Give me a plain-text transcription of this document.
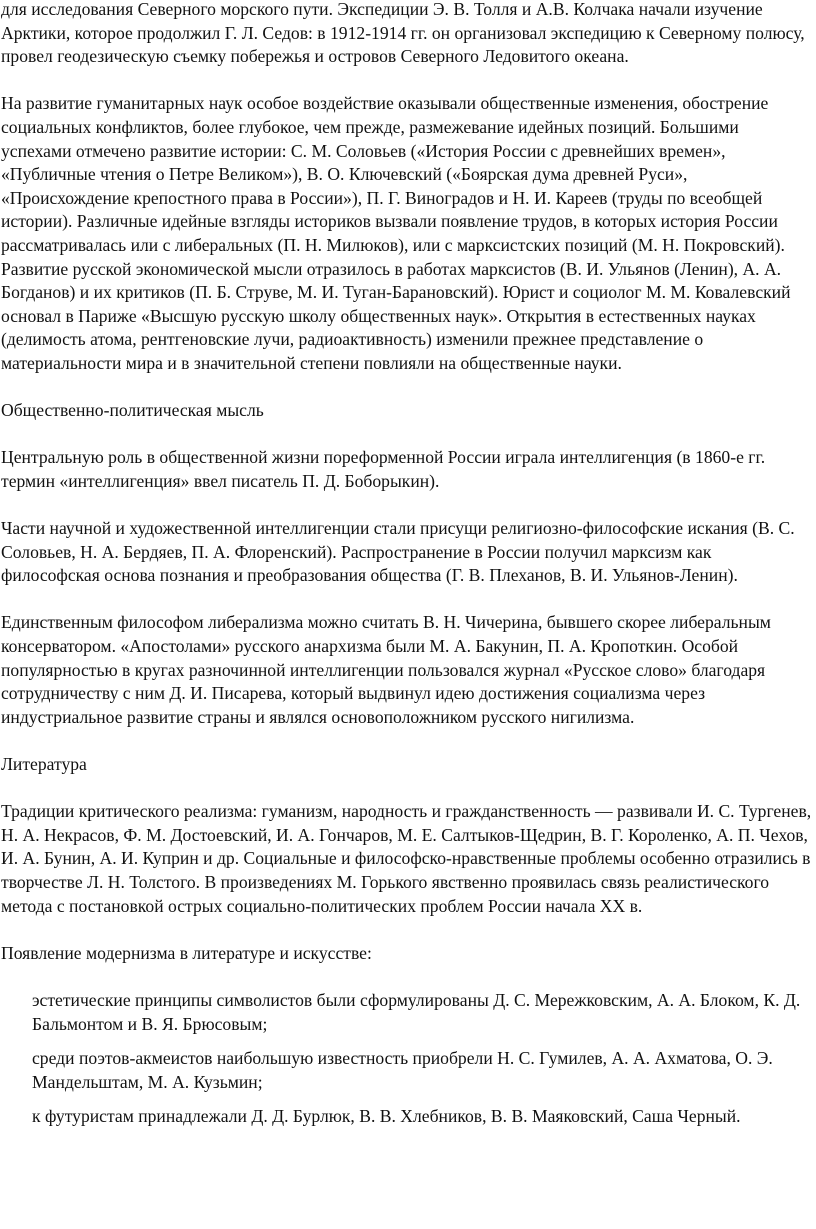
для исследования Северного морского пути. Экспедиции Э. В. Толля и А.В. Колчака начали изучение Арктики, которое продолжил Г. Л. Седов: в 1912-1914 гг. он организовал экспедицию к Северному полюсу, провел геодезическую съемку побережья и островов Северного Ледовитого океана.

На развитие гуманитарных наук особое воздействие оказывали общественные изменения, обострение социальных конфликтов, более глубокое, чем прежде, размежевание идейных позиций. Большими успехами отмечено развитие истории: С. М. Соловьев («История России с древнейших времен», «Публичные чтения о Петре Великом»), В. О. Ключевский («Боярская дума древней Руси», «Происхождение крепостного права в России»), П. Г. Виноградов и Н. И. Кареев (труды по всеобщей истории). Различные идейные взгляды историков вызвали появление трудов, в которых история России рассматривалась или с либеральных (П. Н. Милюков), или с марксистских позиций (М. Н. Покровский). Развитие русской экономической мысли отразилось в работах марксистов (В. И. Ульянов (Ленин), А. А. Богданов) и их критиков (П. Б. Струве, М. И. Туган-Барановский). Юрист и социолог М. М. Ковалевский основал в Париже «Высшую русскую школу общественных наук». Открытия в естественных науках (делимость атома, рентгеновские лучи, радиоактивность) изменили прежнее представление о материальности мира и в значительной степени повлияли на общественные науки.

Общественно-политическая мысль

Центральную роль в общественной жизни пореформенной России играла интеллигенция (в 1860-е гг. термин «интеллигенция» ввел писатель П. Д. Боборыкин).

Части научной и художественной интеллигенции стали присущи религиозно-философские искания (В. С. Соловьев, Н. А. Бердяев, П. А. Флоренский). Распространение в России получил марксизм как философская основа познания и преобразования общества (Г. В. Плеханов, В. И. Ульянов-Ленин).

Единственным философом либерализма можно считать В. Н. Чичерина, бывшего скорее либеральным консерватором. «Апостолами» русского анархизма были М. А. Бакунин, П. А. Кропоткин. Особой популярностью в кругах разночинной интеллигенции пользовался журнал «Русское слово» благодаря сотрудничеству с ним Д. И. Писарева, который выдвинул идею достижения социализма через индустриальное развитие страны и являлся основоположником русского нигилизма.

Литература

Традиции критического реализма: гуманизм, народность и гражданственность — развивали И. С. Тургенев, Н. А. Некрасов, Ф. М. Достоевский, И. А. Гончаров, М. Е. Салтыков-Щедрин, В. Г. Короленко, А. П. Чехов, И. А. Бунин, А. И. Куприн и др. Социальные и философско-нравственные проблемы особенно отразились в творчестве Л. Н. Толстого. В произведениях М. Горького явственно проявилась связь реалистического метода с постановкой острых социально-политических проблем России начала XX в.

Появление модернизма в литературе и искусстве:

эстетические принципы символистов были сформулированы Д. С. Мережковским, А. А. Блоком, К. Д. Бальмонтом и В. Я. Брюсовым;

среди поэтов-акмеистов наибольшую известность приобрели Н. С. Гумилев, А. А. Ахматова, О. Э. Мандельштам, М. А. Кузьмин;

к футуристам принадлежали Д. Д. Бурлюк, В. В. Хлебников, В. В. Маяковский, Саша Черный.
